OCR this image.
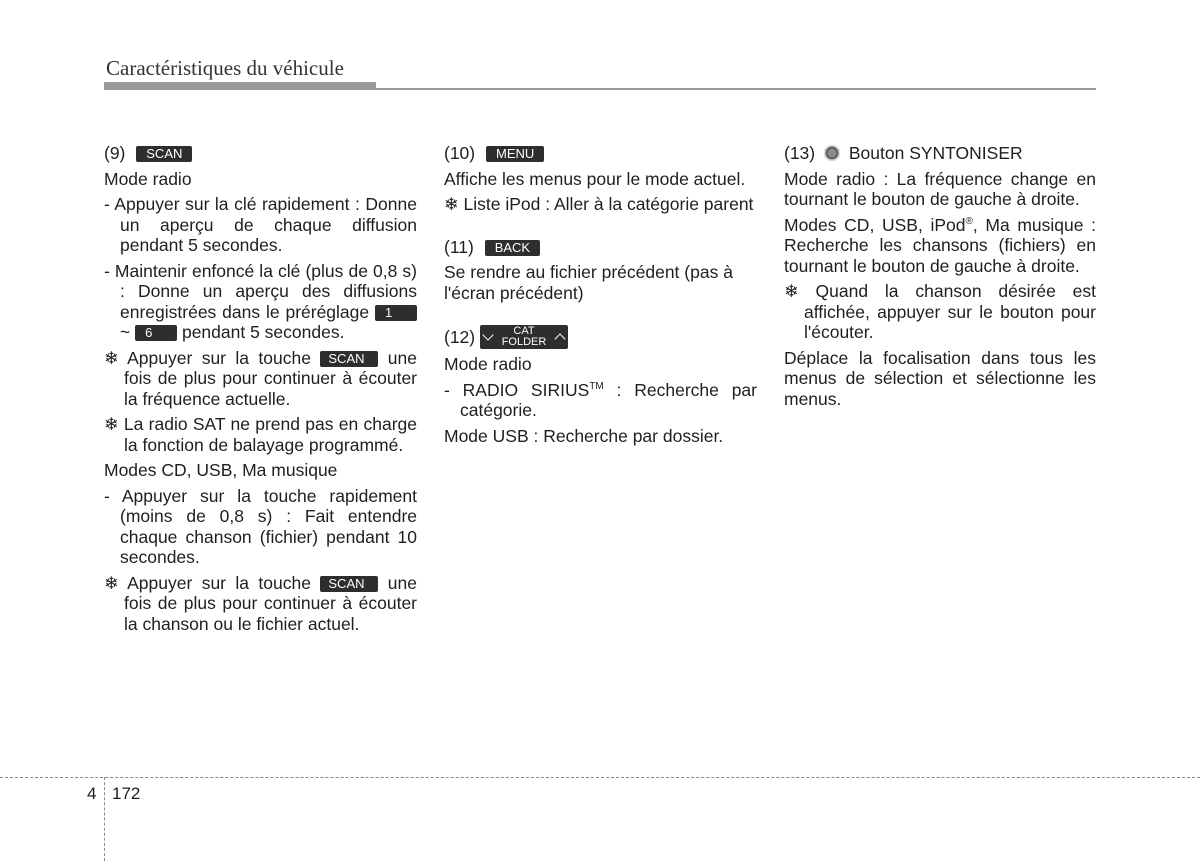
Caractéristiques du véhicule

(9) SCAN

Mode radio

- Appuyer sur la clé rapidement : Donne un aperçu de chaque diffusion pendant 5 secondes.

- Maintenir enfoncé la clé (plus de 0,8 s) : Donne un aperçu des diffusions enregistrées dans le préréglage 1 ~ 6 pendant 5 secondes.

❄ Appuyer sur la touche SCAN une fois de plus pour continuer à écouter la fréquence actuelle.

❄ La radio SAT ne prend pas en charge la fonction de balayage programmé.

Modes CD, USB, Ma musique

- Appuyer sur la touche rapidement (moins de 0,8 s) : Fait entendre chaque chanson (fichier) pendant 10 secondes.

❄ Appuyer sur la touche SCAN une fois de plus pour continuer à écouter la chanson ou le fichier actuel.

(10) MENU

Affiche les menus pour le mode actuel.

❄ Liste iPod : Aller à la catégorie parent

(11) BACK

Se rendre au fichier précédent (pas à l'écran précédent)

(12)	CAT
FOLDER

Mode radio

- RADIO SIRIUS™ : Recherche par catégorie.

Mode USB : Recherche par dossier.

(13) Bouton SYNTONISER

Mode radio : La fréquence change en tournant le bouton de gauche à droite.

Modes CD, USB, iPod®, Ma musique : Recherche les chansons (fichiers) en tournant le bouton de gauche à droite.

❄ Quand la chanson désirée est affichée, appuyer sur le bouton pour l'écouter.

Déplace la focalisation dans tous les menus de sélection et sélectionne les menus.

4 172
